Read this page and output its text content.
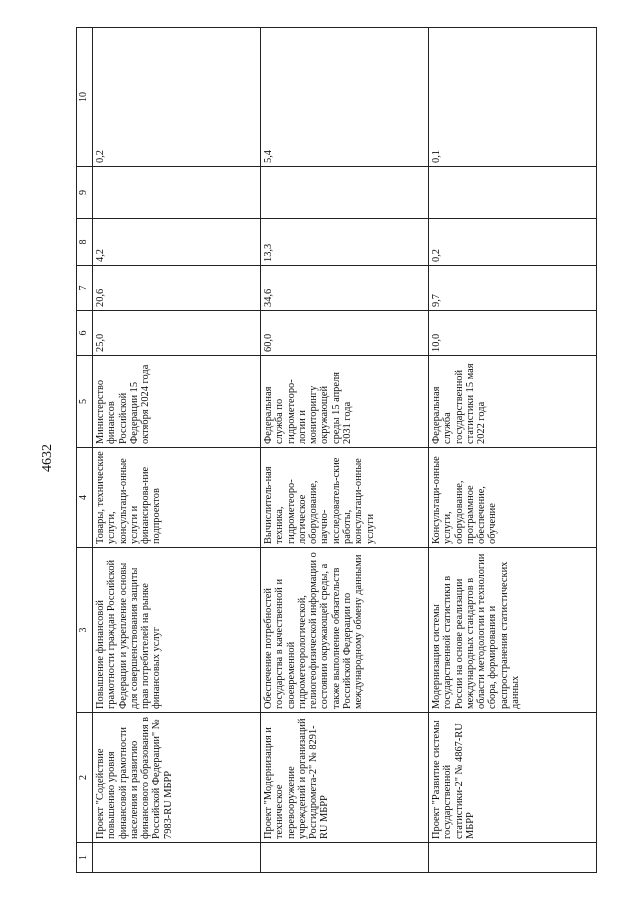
4632
1	2	3	4	5	6	7	8	9	10
	Проект "Содействие повышению уровня финансовой грамотности населения и развитию финансового образования в Российской Федерации" № 7983-RU МБРР	Повышение финансовой грамотности граждан Российской Федерации и укрепление основы для совершенствования защиты прав потребителей на рынке финансовых услуг	Товары, технические услуги, консультаци-онные услуги и финансирова-ние подпроектов	Министерство финансов Российской Федерации 15 октября 2024 года	25,0	20,6	4,2		0,2
	Проект "Модернизация и техническое перевооружение учреждений и организаций Росгидромета-2" № 8291-RU МБРР	Обеспечение потребностей государства в качественной и своевременной гидрометеорологической, гелиогеофизической информации о состоянии окружающей среды, а также выполнение обязательств Российской Федерации по международному обмену данными	Вычислитель-ная техника, гидрометеоро-логическое оборудование, научно-исследователь-ские работы, консультаци-онные услуги	Федеральная служба по гидрометеоро-логии и мониторингу окружающей среды 15 апреля 2031 года	60,0	34,6	13,3		5,4
	Проект "Развитие системы государственной статистики-2" № 4867-RU МБРР	Модернизация системы государственной статистики в России на основе реализации международных стандартов в области методологии и технологии сбора, формирования и распространения статистических данных	Консультаци-онные услуги, оборудование, программное обеспечение, обучение	Федеральная служба государственной статистики 15 мая 2022 года	10,0	9,7	0,2		0,1
